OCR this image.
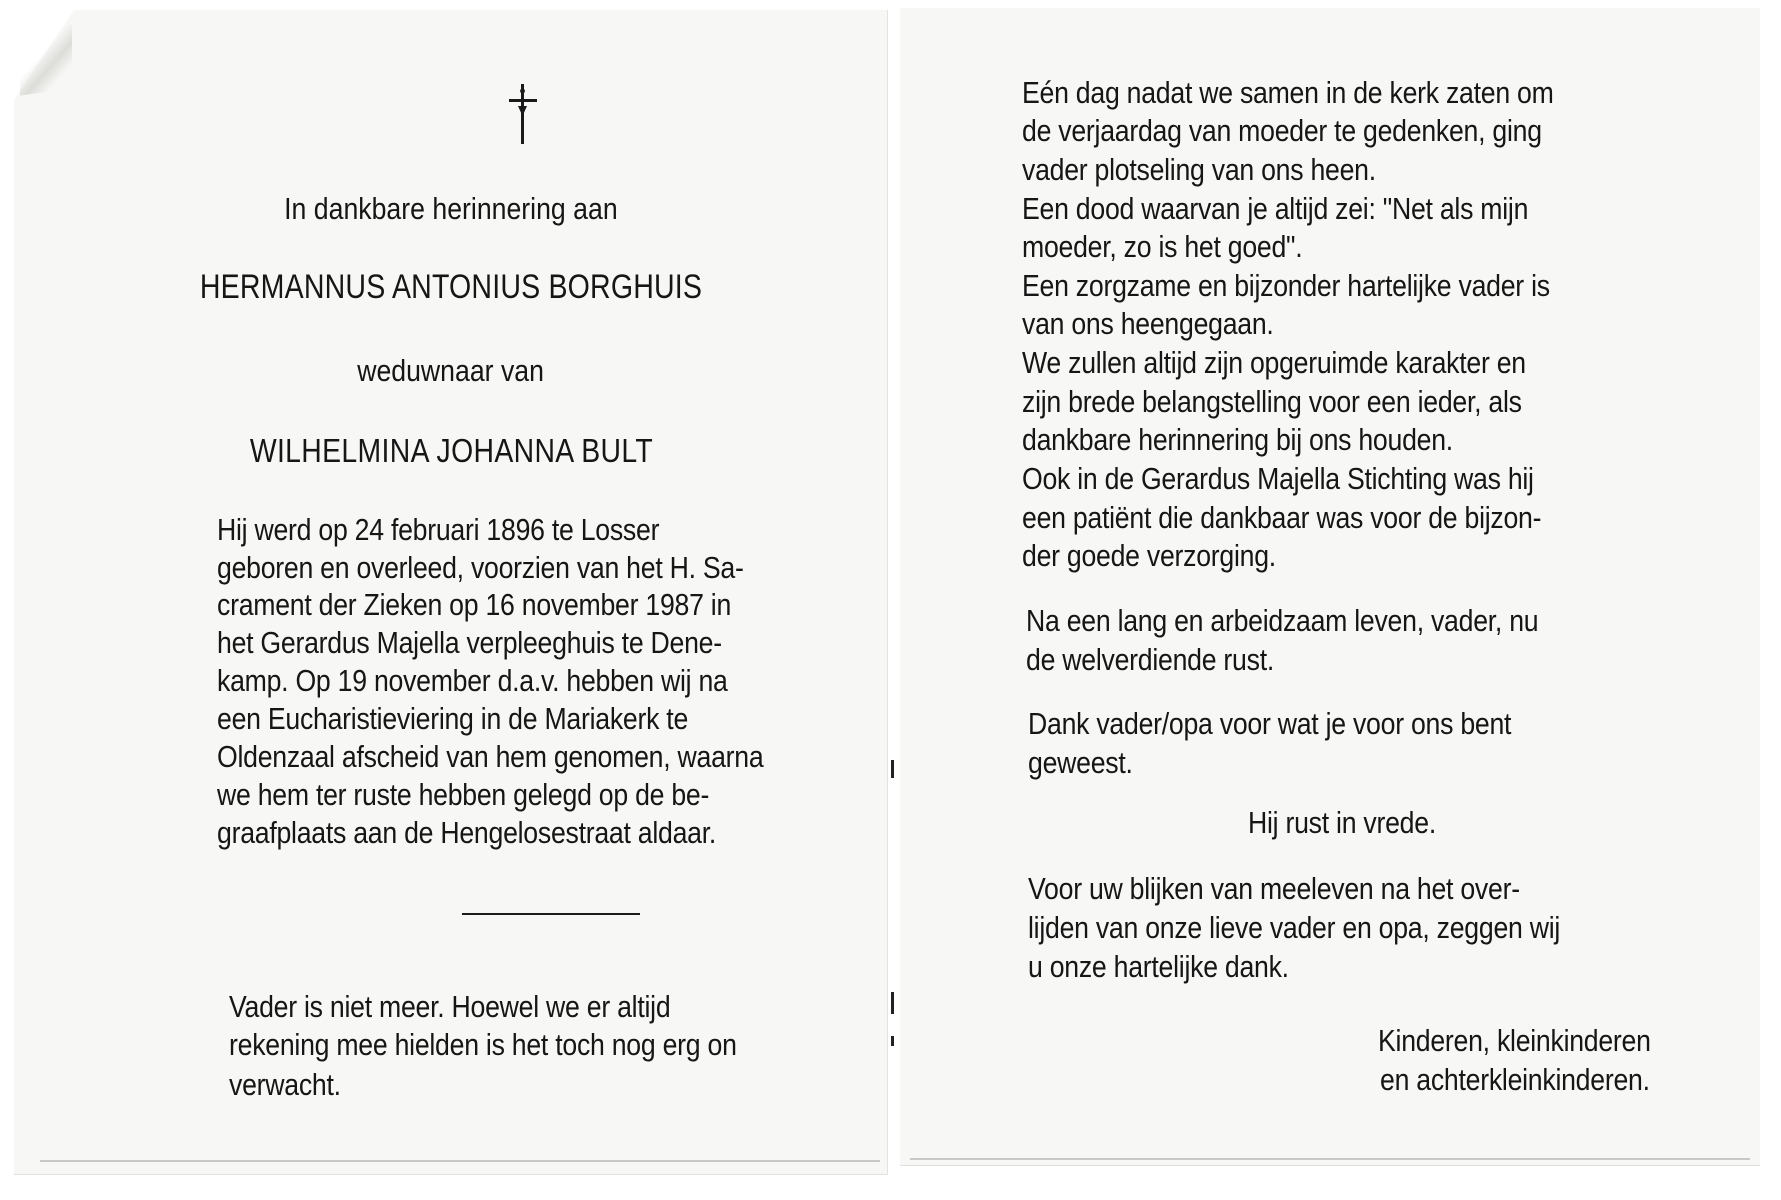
In dankbare herinnering aan
HERMANNUS ANTONIUS BORGHUIS
weduwnaar van
WILHELMINA JOHANNA BULT
Hij werd op 24 februari 1896 te Losser
geboren en overleed, voorzien van het H. Sa-
crament der Zieken op 16 november 1987 in
het Gerardus Majella verpleeghuis te Dene-
kamp. Op 19 november d.a.v. hebben wij na
een Eucharistieviering in de Mariakerk te
Oldenzaal afscheid van hem genomen, waarna
we hem ter ruste hebben gelegd op de be-
graafplaats aan de Hengelosestraat aldaar.
Vader is niet meer. Hoewel we er altijd
rekening mee hielden is het toch nog erg on
verwacht.
Eén dag nadat we samen in de kerk zaten om
de verjaardag van moeder te gedenken, ging
vader plotseling van ons heen.
Een dood waarvan je altijd zei: "Net als mijn
moeder, zo is het goed".
Een zorgzame en bijzonder hartelijke vader is
van ons heengegaan.
We zullen altijd zijn opgeruimde karakter en
zijn brede belangstelling voor een ieder, als
dankbare herinnering bij ons houden.
Ook in de Gerardus Majella Stichting was hij
een patiënt die dankbaar was voor de bijzon-
der goede verzorging.
Na een lang en arbeidzaam leven, vader, nu
de welverdiende rust.
Dank vader/opa voor wat je voor ons bent
geweest.
Hij rust in vrede.
Voor uw blijken van meeleven na het over-
lijden van onze lieve vader en opa, zeggen wij
u onze hartelijke dank.
Kinderen, kleinkinderen
en achterkleinkinderen.
